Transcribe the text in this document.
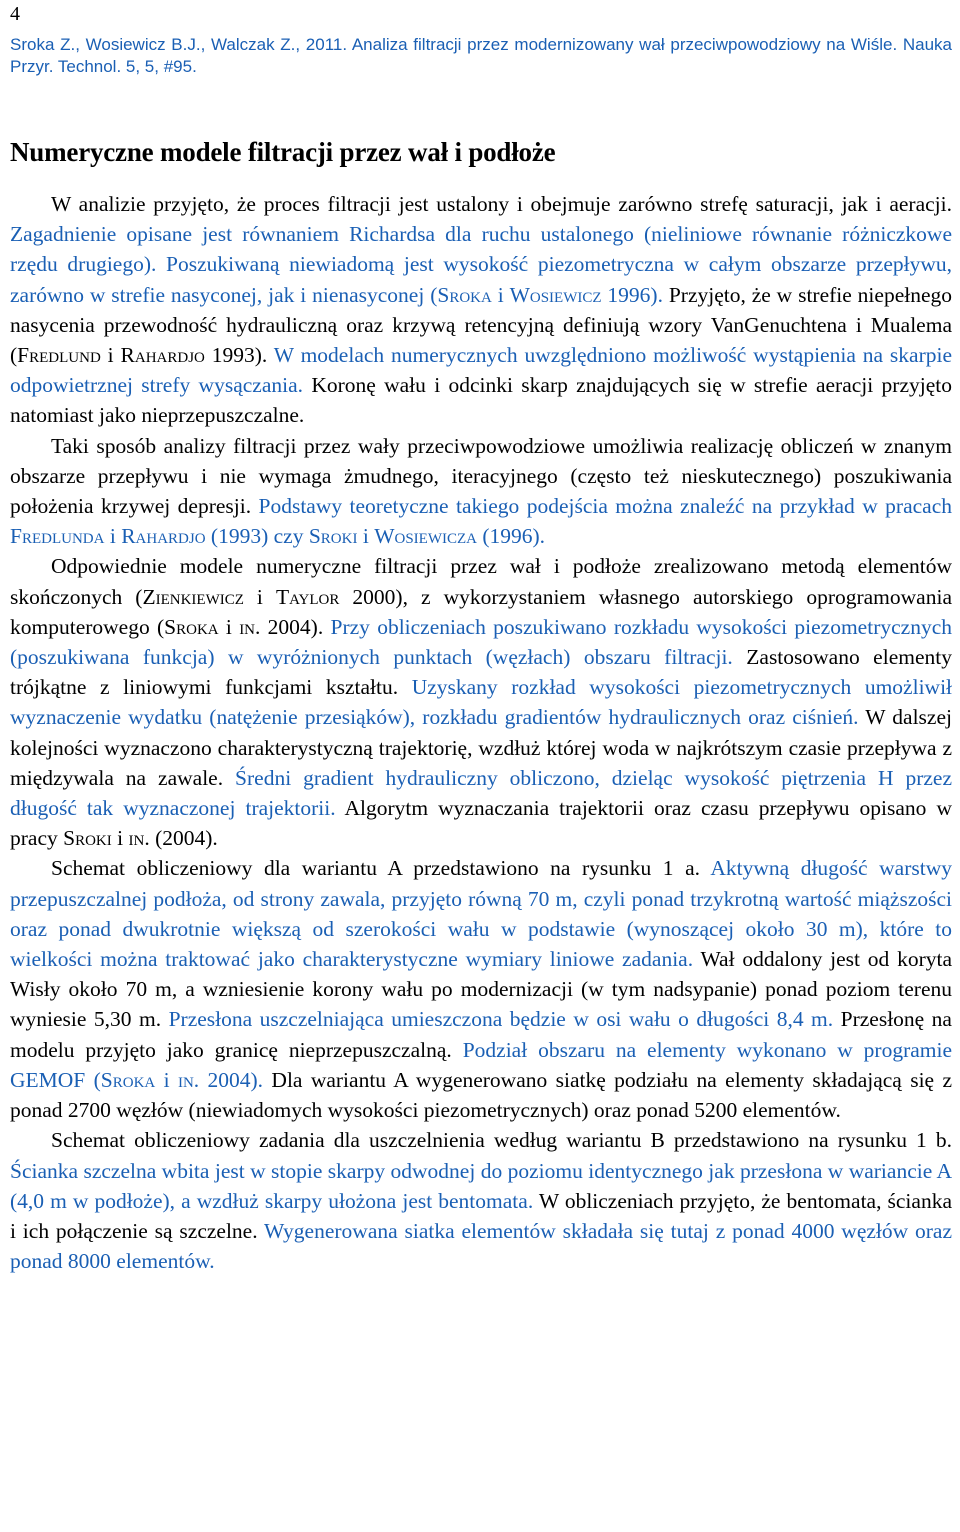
4
Sroka Z., Wosiewicz B.J., Walczak Z., 2011. Analiza filtracji przez modernizowany wał przeciwpowodziowy na Wiśle. Nauka Przyr. Technol. 5, 5, #95.
Numeryczne modele filtracji przez wał i podłoże

W analizie przyjęto, że proces filtracji jest ustalony i obejmuje zarówno strefę saturacji, jak i aeracji. Zagadnienie opisane jest równaniem Richardsa dla ruchu ustalonego (nieliniowe równanie różniczkowe rzędu drugiego). Poszukiwaną niewiadomą jest wysokość piezometryczna w całym obszarze przepływu, zarówno w strefie nasyconej, jak i nienasyconej (Sroka i Wosiewicz 1996). Przyjęto, że w strefie niepełnego nasycenia przewodność hydrauliczną oraz krzywą retencyjną definiują wzory VanGenuchtena i Mualema (Fredlund i Rahardjo 1993). W modelach numerycznych uwzględniono możliwość wystąpienia na skarpie odpowietrznej strefy wysączania. Koronę wału i odcinki skarp znajdujących się w strefie aeracji przyjęto natomiast jako nieprzepuszczalne.

Taki sposób analizy filtracji przez wały przeciwpowodziowe umożliwia realizację obliczeń w znanym obszarze przepływu i nie wymaga żmudnego, iteracyjnego (często też nieskutecznego) poszukiwania położenia krzywej depresji. Podstawy teoretyczne takiego podejścia można znaleźć na przykład w pracach Fredlunda i Rahardjo (1993) czy Sroki i Wosiewicza (1996).

Odpowiednie modele numeryczne filtracji przez wał i podłoże zrealizowano metodą elementów skończonych (Zienkiewicz i Taylor 2000), z wykorzystaniem własnego autorskiego oprogramowania komputerowego (Sroka i in. 2004). Przy obliczeniach poszukiwano rozkładu wysokości piezometrycznych (poszukiwana funkcja) w wyróżnionych punktach (węzłach) obszaru filtracji. Zastosowano elementy trójkątne z liniowymi funkcjami kształtu. Uzyskany rozkład wysokości piezometrycznych umożliwił wyznaczenie wydatku (natężenie przesiąków), rozkładu gradientów hydraulicznych oraz ciśnień. W dalszej kolejności wyznaczono charakterystyczną trajektorię, wzdłuż której woda w najkrótszym czasie przepływa z międzywala na zawale. Średni gradient hydrauliczny obliczono, dzieląc wysokość piętrzenia H przez długość tak wyznaczonej trajektorii. Algorytm wyznaczania trajektorii oraz czasu przepływu opisano w pracy Sroki i in. (2004).

Schemat obliczeniowy dla wariantu A przedstawiono na rysunku 1 a. Aktywną długość warstwy przepuszczalnej podłoża, od strony zawala, przyjęto równą 70 m, czyli ponad trzykrotną wartość miąższości oraz ponad dwukrotnie większą od szerokości wału w podstawie (wynoszącej około 30 m), które to wielkości można traktować jako charakterystyczne wymiary liniowe zadania. Wał oddalony jest od koryta Wisły około 70 m, a wzniesienie korony wału po modernizacji (w tym nadsypanie) ponad poziom terenu wyniesie 5,30 m. Przesłona uszczelniająca umieszczona będzie w osi wału o długości 8,4 m. Przesłonę na modelu przyjęto jako granicę nieprzepuszczalną. Podział obszaru na elementy wykonano w programie GEMOF (Sroka i in. 2004). Dla wariantu A wygenerowano siatkę podziału na elementy składającą się z ponad 2700 węzłów (niewiadomych wysokości piezometrycznych) oraz ponad 5200 elementów.

Schemat obliczeniowy zadania dla uszczelnienia według wariantu B przedstawiono na rysunku 1 b. Ścianka szczelna wbita jest w stopie skarpy odwodnej do poziomu identycznego jak przesłona w wariancie A (4,0 m w podłoże), a wzdłuż skarpy ułożona jest bentomata. W obliczeniach przyjęto, że bentomata, ścianka i ich połączenie są szczelne. Wygenerowana siatka elementów składała się tutaj z ponad 4000 węzłów oraz ponad 8000 elementów.
